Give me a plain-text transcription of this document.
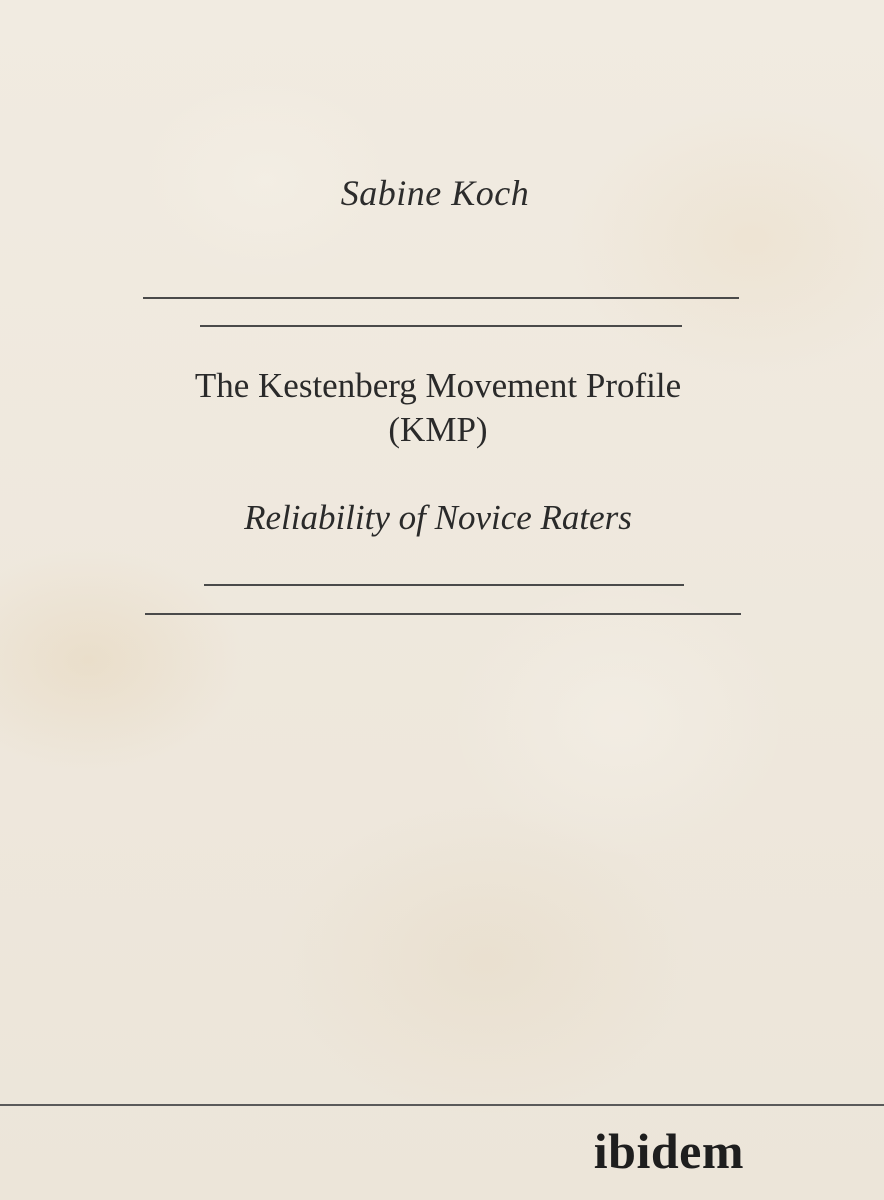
Sabine Koch
The Kestenberg Movement Profile
(KMP)
Reliability of Novice Raters
ibidem
